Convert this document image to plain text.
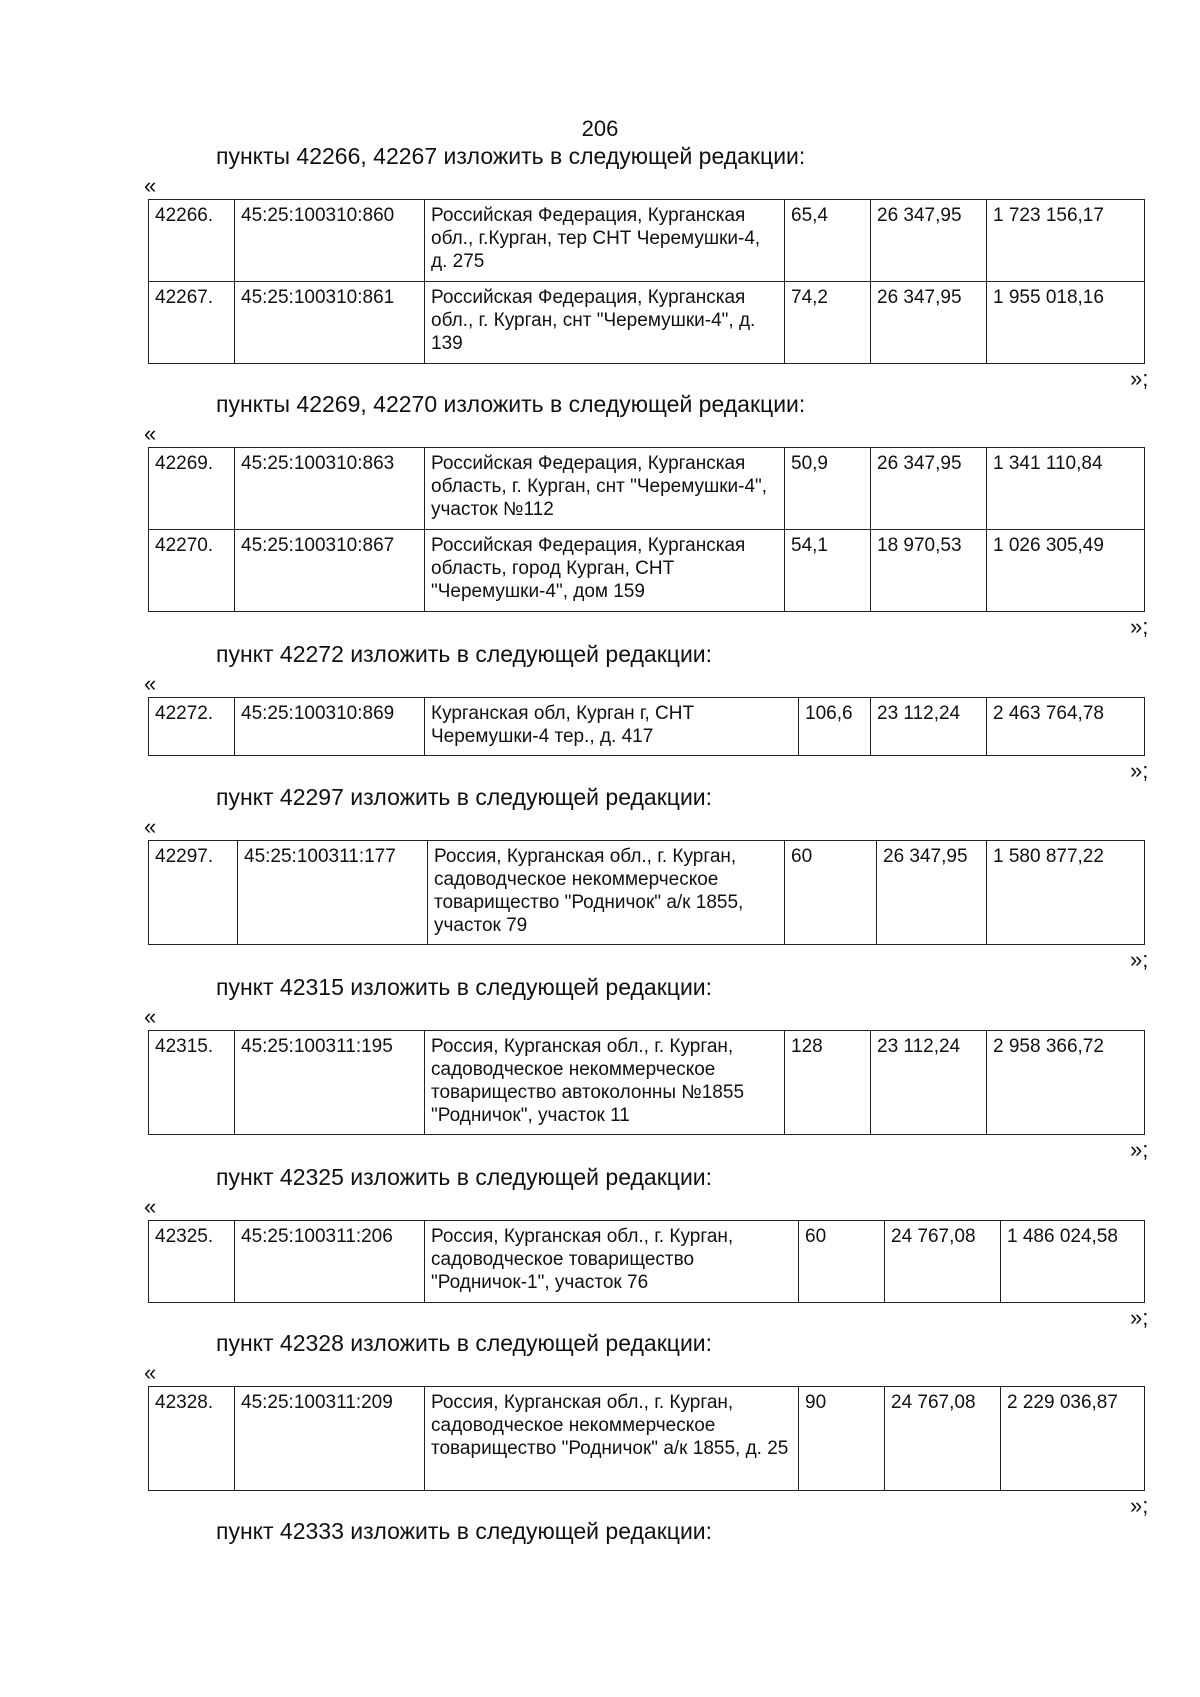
206
пункты 42266, 42267 изложить в следующей редакции:
«
42266.	45:25:100310:860	Российская Федерация, Курганская обл., г.Курган, тер СНТ Черемушки-4, д. 275	65,4	26 347,95	1 723 156,17
42267.	45:25:100310:861	Российская Федерация, Курганская обл., г. Курган, снт "Черемушки-4", д. 139	74,2	26 347,95	1 955 018,16
»;
пункты 42269, 42270 изложить в следующей редакции:
«
42269.	45:25:100310:863	Российская Федерация, Курганская область, г. Курган, снт "Черемушки-4", участок №112	50,9	26 347,95	1 341 110,84
42270.	45:25:100310:867	Российская Федерация, Курганская область, город Курган, СНТ "Черемушки-4", дом 159	54,1	18 970,53	1 026 305,49
»;
пункт 42272 изложить в следующей редакции:
«
42272.	45:25:100310:869	Курганская обл, Курган г, СНТ Черемушки-4 тер., д. 417	106,6	23 112,24	2 463 764,78
»;
пункт 42297 изложить в следующей редакции:
«
42297.	45:25:100311:177	Россия, Курганская обл., г. Курган, садоводческое некоммерческое товарищество "Родничок" а/к 1855, участок 79	60	26 347,95	1 580 877,22
»;
пункт 42315 изложить в следующей редакции:
«
42315.	45:25:100311:195	Россия, Курганская обл., г. Курган, садоводческое некоммерческое товарищество автоколонны №1855 "Родничок", участок 11	128	23 112,24	2 958 366,72
»;
пункт 42325 изложить в следующей редакции:
«
42325.	45:25:100311:206	Россия, Курганская обл., г. Курган, садоводческое товарищество "Родничок-1", участок 76	60	24 767,08	1 486 024,58
»;
пункт 42328 изложить в следующей редакции:
«
42328.	45:25:100311:209	Россия, Курганская обл., г. Курган, садоводческое некоммерческое товарищество "Родничок" а/к 1855, д. 25	90	24 767,08	2 229 036,87
»;
пункт 42333 изложить в следующей редакции:
